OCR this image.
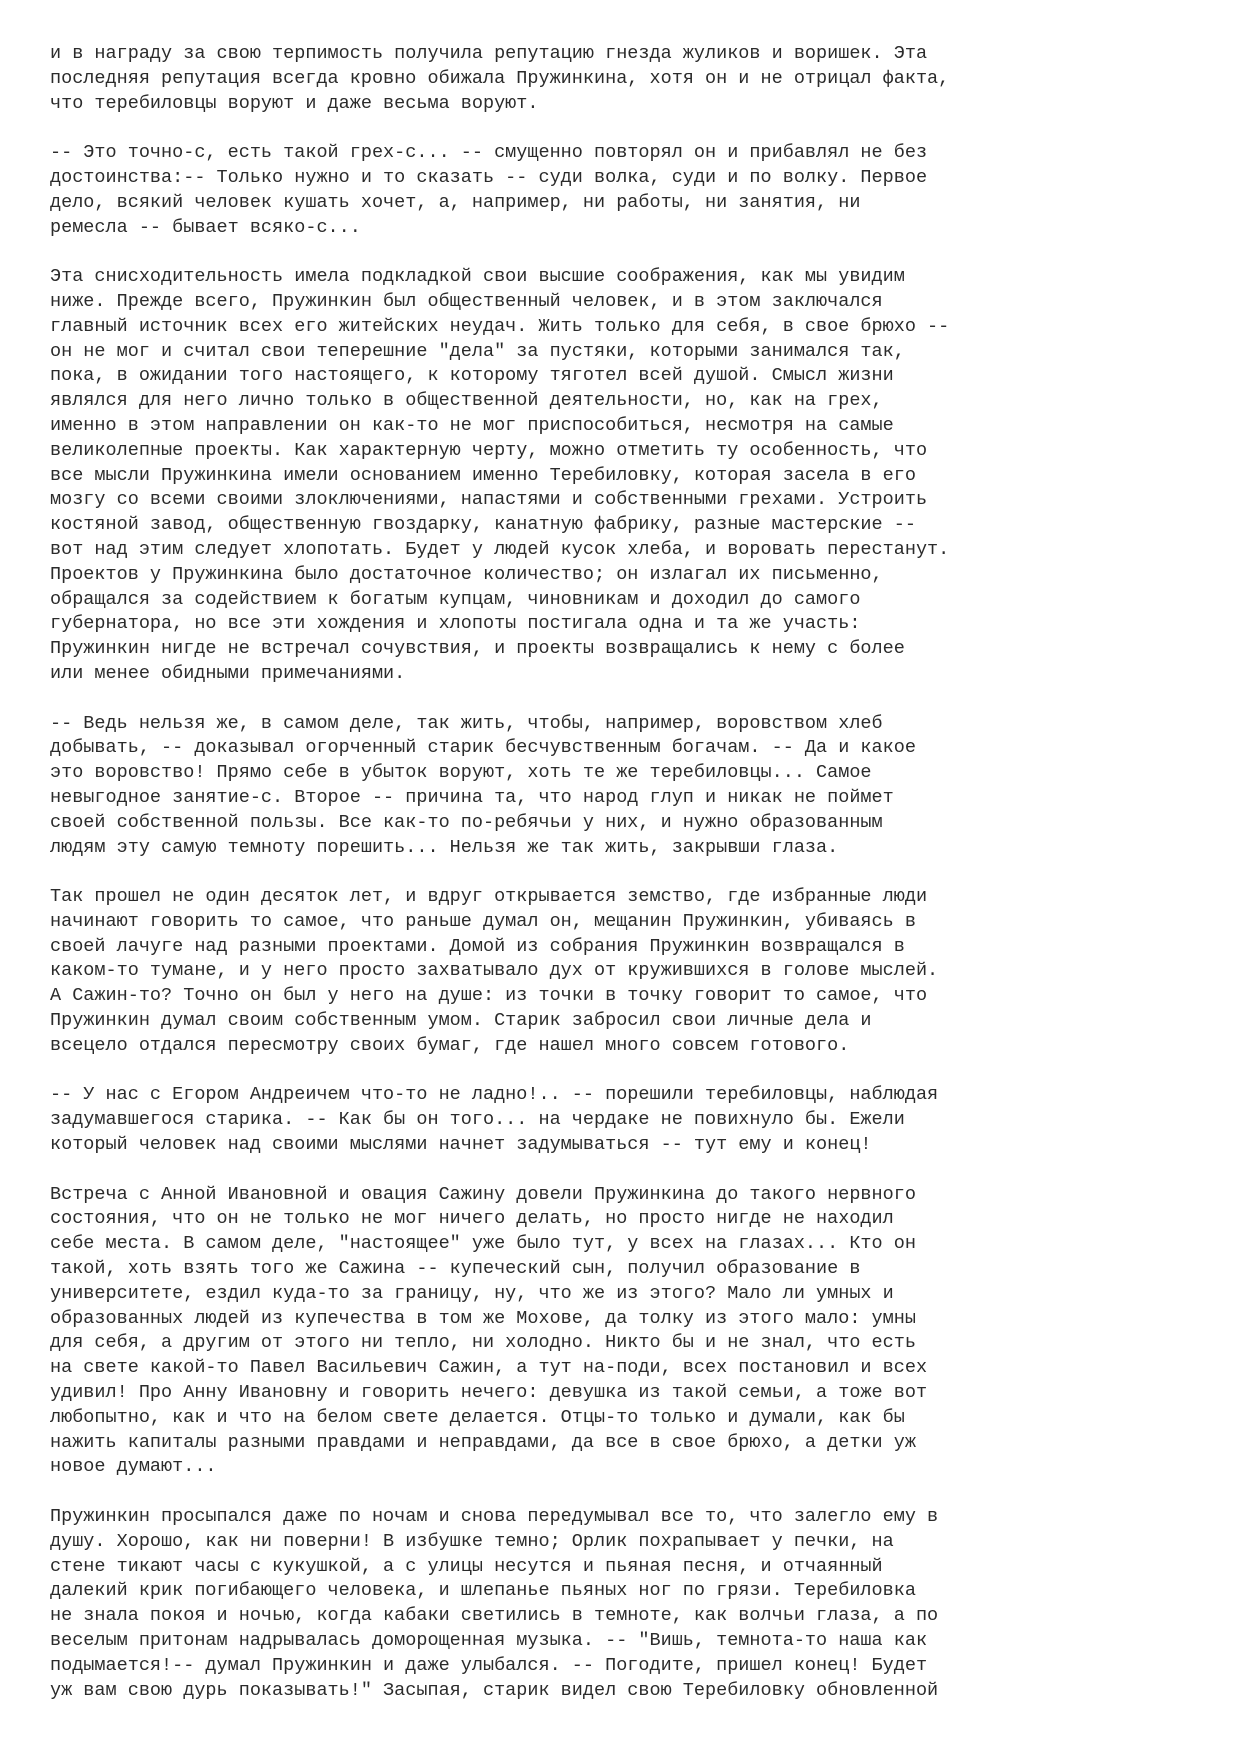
и в награду за свою терпимость получила репутацию гнезда жуликов и воришек. Эта
последняя репутация всегда кровно обижала Пружинкина, хотя он и не отрицал факта,
что теребиловцы воруют и даже весьма воруют.
-- Это точно-с, есть такой грех-с... -- смущенно повторял он и прибавлял не без
достоинства:-- Только нужно и то сказать -- суди волка, суди и по волку. Первое
дело, всякий человек кушать хочет, а, например, ни работы, ни занятия, ни
ремесла -- бывает всяко-с...
Эта снисходительность имела подкладкой свои высшие соображения, как мы увидим
ниже. Прежде всего, Пружинкин был общественный человек, и в этом заключался
главный источник всех его житейских неудач. Жить только для себя, в свое брюхо --
он не мог и считал свои теперешние "дела" за пустяки, которыми занимался так,
пока, в ожидании того настоящего, к которому тяготел всей душой. Смысл жизни
являлся для него лично только в общественной деятельности, но, как на грех,
именно в этом направлении он как-то не мог приспособиться, несмотря на самые
великолепные проекты. Как характерную черту, можно отметить ту особенность, что
все мысли Пружинкина имели основанием именно Теребиловку, которая засела в его
мозгу со всеми своими злоключениями, напастями и собственными грехами. Устроить
костяной завод, общественную гвоздарку, канатную фабрику, разные мастерские --
вот над этим следует хлопотать. Будет у людей кусок хлеба, и воровать перестанут.
Проектов у Пружинкина было достаточное количество; он излагал их письменно,
обращался за содействием к богатым купцам, чиновникам и доходил до самого
губернатора, но все эти хождения и хлопоты постигала одна и та же участь:
Пружинкин нигде не встречал сочувствия, и проекты возвращались к нему с более
или менее обидными примечаниями.
-- Ведь нельзя же, в самом деле, так жить, чтобы, например, воровством хлеб
добывать, -- доказывал огорченный старик бесчувственным богачам. -- Да и какое
это воровство! Прямо себе в убыток воруют, хоть те же теребиловцы... Самое
невыгодное занятие-с. Второе -- причина та, что народ глуп и никак не поймет
своей собственной пользы. Все как-то по-ребячьи у них, и нужно образованным
людям эту самую темноту порешить... Нельзя же так жить, закрывши глаза.
Так прошел не один десяток лет, и вдруг открывается земство, где избранные люди
начинают говорить то самое, что раньше думал он, мещанин Пружинкин, убиваясь в
своей лачуге над разными проектами. Домой из собрания Пружинкин возвращался в
каком-то тумане, и у него просто захватывало дух от кружившихся в голове мыслей.
А Сажин-то? Точно он был у него на душе: из точки в точку говорит то самое, что
Пружинкин думал своим собственным умом. Старик забросил свои личные дела и
всецело отдался пересмотру своих бумаг, где нашел много совсем готового.
-- У нас с Егором Андреичем что-то не ладно!.. -- порешили теребиловцы, наблюдая
задумавшегося старика. -- Как бы он того... на чердаке не повихнуло бы. Ежели
который человек над своими мыслями начнет задумываться -- тут ему и конец!
Встреча с Анной Ивановной и овация Сажину довели Пружинкина до такого нервного
состояния, что он не только не мог ничего делать, но просто нигде не находил
себе места. В самом деле, "настоящее" уже было тут, у всех на глазах... Кто он
такой, хоть взять того же Сажина -- купеческий сын, получил образование в
университете, ездил куда-то за границу, ну, что же из этого? Мало ли умных и
образованных людей из купечества в том же Мохове, да толку из этого мало: умны
для себя, а другим от этого ни тепло, ни холодно. Никто бы и не знал, что есть
на свете какой-то Павел Васильевич Сажин, а тут на-поди, всех постановил и всех
удивил! Про Анну Ивановну и говорить нечего: девушка из такой семьи, а тоже вот
любопытно, как и что на белом свете делается. Отцы-то только и думали, как бы
нажить капиталы разными правдами и неправдами, да все в свое брюхо, а детки уж
новое думают...
Пружинкин просыпался даже по ночам и снова передумывал все то, что залегло ему в
душу. Хорошо, как ни поверни! В избушке темно; Орлик похрапывает у печки, на
стене тикают часы с кукушкой, а с улицы несутся и пьяная песня, и отчаянный
далекий крик погибающего человека, и шлепанье пьяных ног по грязи. Теребиловка
не знала покоя и ночью, когда кабаки светились в темноте, как волчьи глаза, а по
веселым притонам надрывалась доморощенная музыка. -- "Вишь, темнота-то наша как
подымается!-- думал Пружинкин и даже улыбался. -- Погодите, пришел конец! Будет
уж вам свою дурь показывать!" Засыпая, старик видел свою Теребиловку обновленной
